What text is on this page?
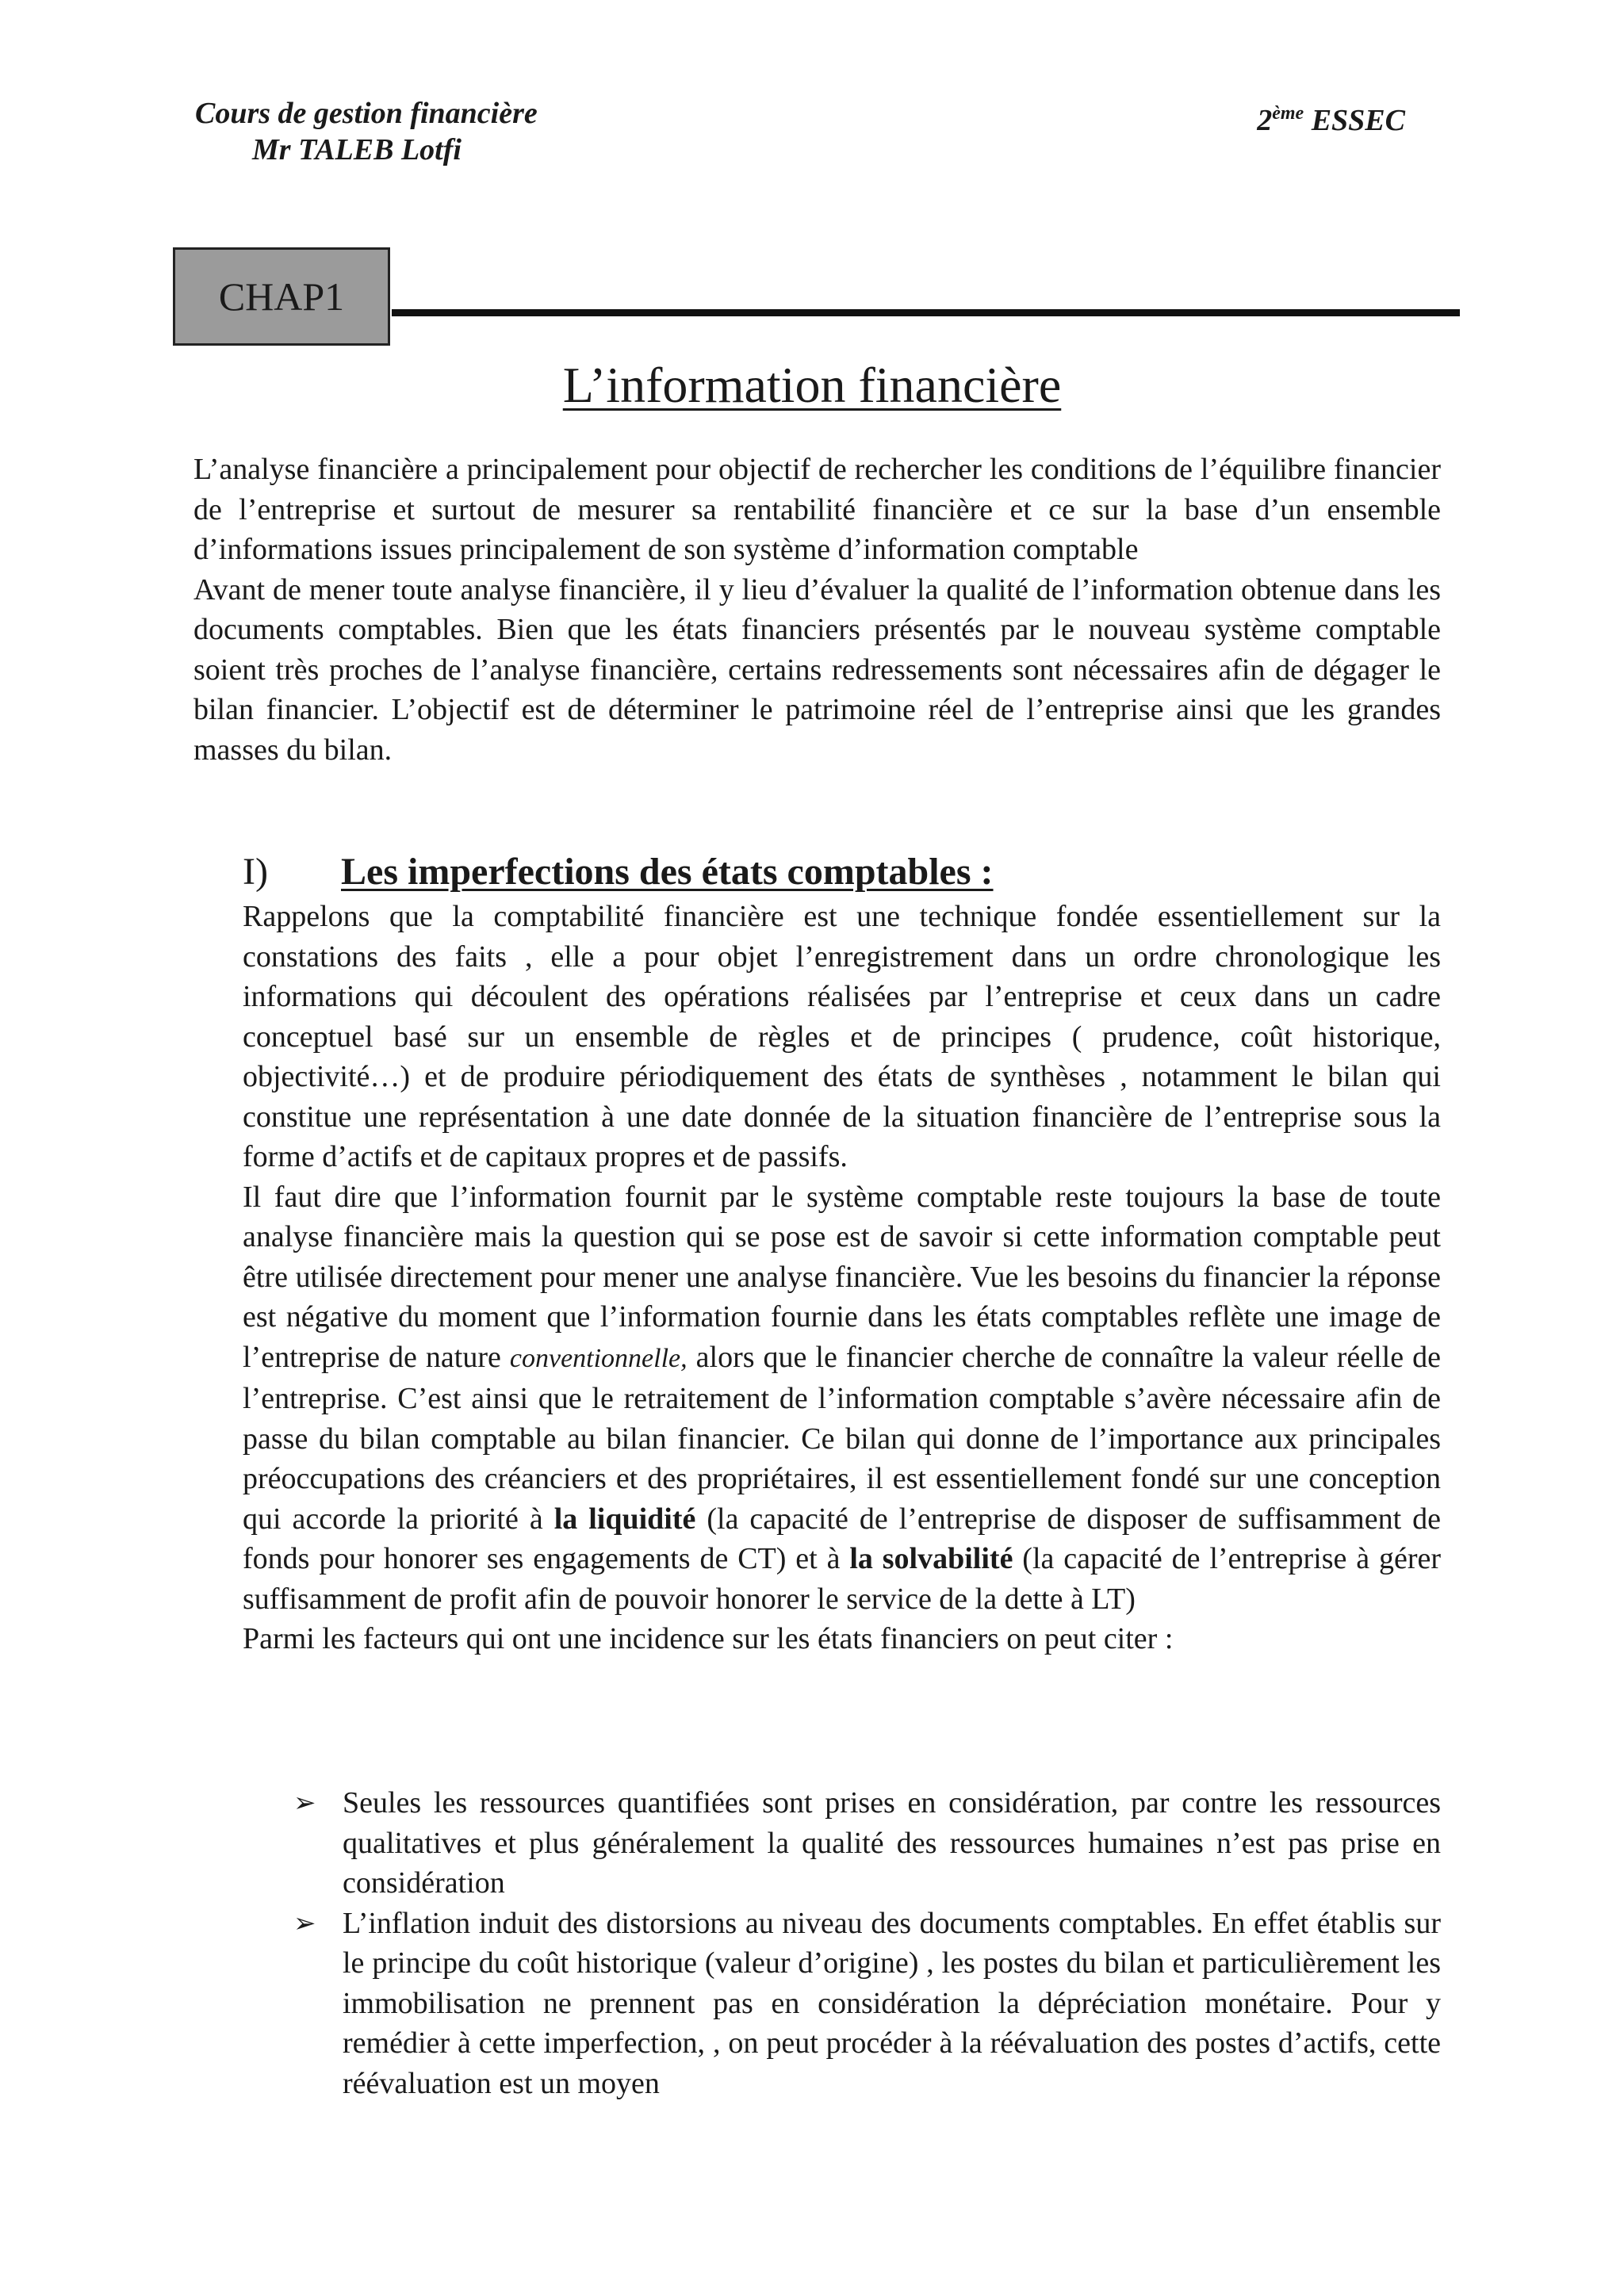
Cours de gestion financière
Mr TALEB Lotfi
2ème ESSEC
CHAP1
L’information financière

L’analyse financière a principalement pour objectif de rechercher les conditions de l’équilibre financier de l’entreprise et surtout de mesurer sa rentabilité financière et ce sur la base d’un ensemble d’informations issues principalement de son système d’information comptable

Avant de mener toute analyse financière, il y lieu d’évaluer la qualité de l’information obtenue dans les documents comptables. Bien que les états financiers présentés par le nouveau système comptable soient très proches de l’analyse financière, certains redressements sont nécessaires afin de dégager le bilan financier. L’objectif est de déterminer le patrimoine réel de l’entreprise ainsi que les grandes masses du bilan.

I) Les imperfections des états comptables :

Rappelons que la comptabilité financière est une technique fondée essentiellement sur la constations des faits , elle a pour objet l’enregistrement dans un ordre chronologique les informations qui découlent des opérations réalisées par l’entreprise et ceux dans un cadre conceptuel basé sur un ensemble de règles et de principes ( prudence, coût historique, objectivité…) et de produire périodiquement des états de synthèses , notamment le bilan qui constitue une représentation à une date donnée de la situation financière de l’entreprise sous la forme d’actifs et de capitaux propres et de passifs.

Il faut dire que l’information fournit par le système comptable reste toujours la base de toute analyse financière mais la question qui se pose est de savoir si cette information comptable peut être utilisée directement pour mener une analyse financière. Vue les besoins du financier la réponse est négative du moment que l’information fournie dans les états comptables reflète une image de l’entreprise de nature conventionnelle, alors que le financier cherche de connaître la valeur réelle de l’entreprise. C’est ainsi que le retraitement de l’information comptable s’avère nécessaire afin de passe du bilan comptable au bilan financier. Ce bilan qui donne de l’importance aux principales préoccupations des créanciers et des propriétaires, il est essentiellement fondé sur une conception qui accorde la priorité à la liquidité (la capacité de l’entreprise de disposer de suffisamment de fonds pour honorer ses engagements de CT) et à la solvabilité (la capacité de l’entreprise à gérer suffisamment de profit afin de pouvoir honorer le service de la dette à LT)

Parmi les facteurs qui ont une incidence sur les états financiers on peut citer :

➢ Seules les ressources quantifiées sont prises en considération, par contre les ressources qualitatives et plus généralement la qualité des ressources humaines n’est pas prise en considération

➢ L’inflation induit des distorsions au niveau des documents comptables. En effet établis sur le principe du coût historique (valeur d’origine) , les postes du bilan et particulièrement les immobilisation ne prennent pas en considération la dépréciation monétaire. Pour y remédier à cette imperfection, , on peut procéder à la réévaluation des postes d’actifs, cette réévaluation est un moyen
